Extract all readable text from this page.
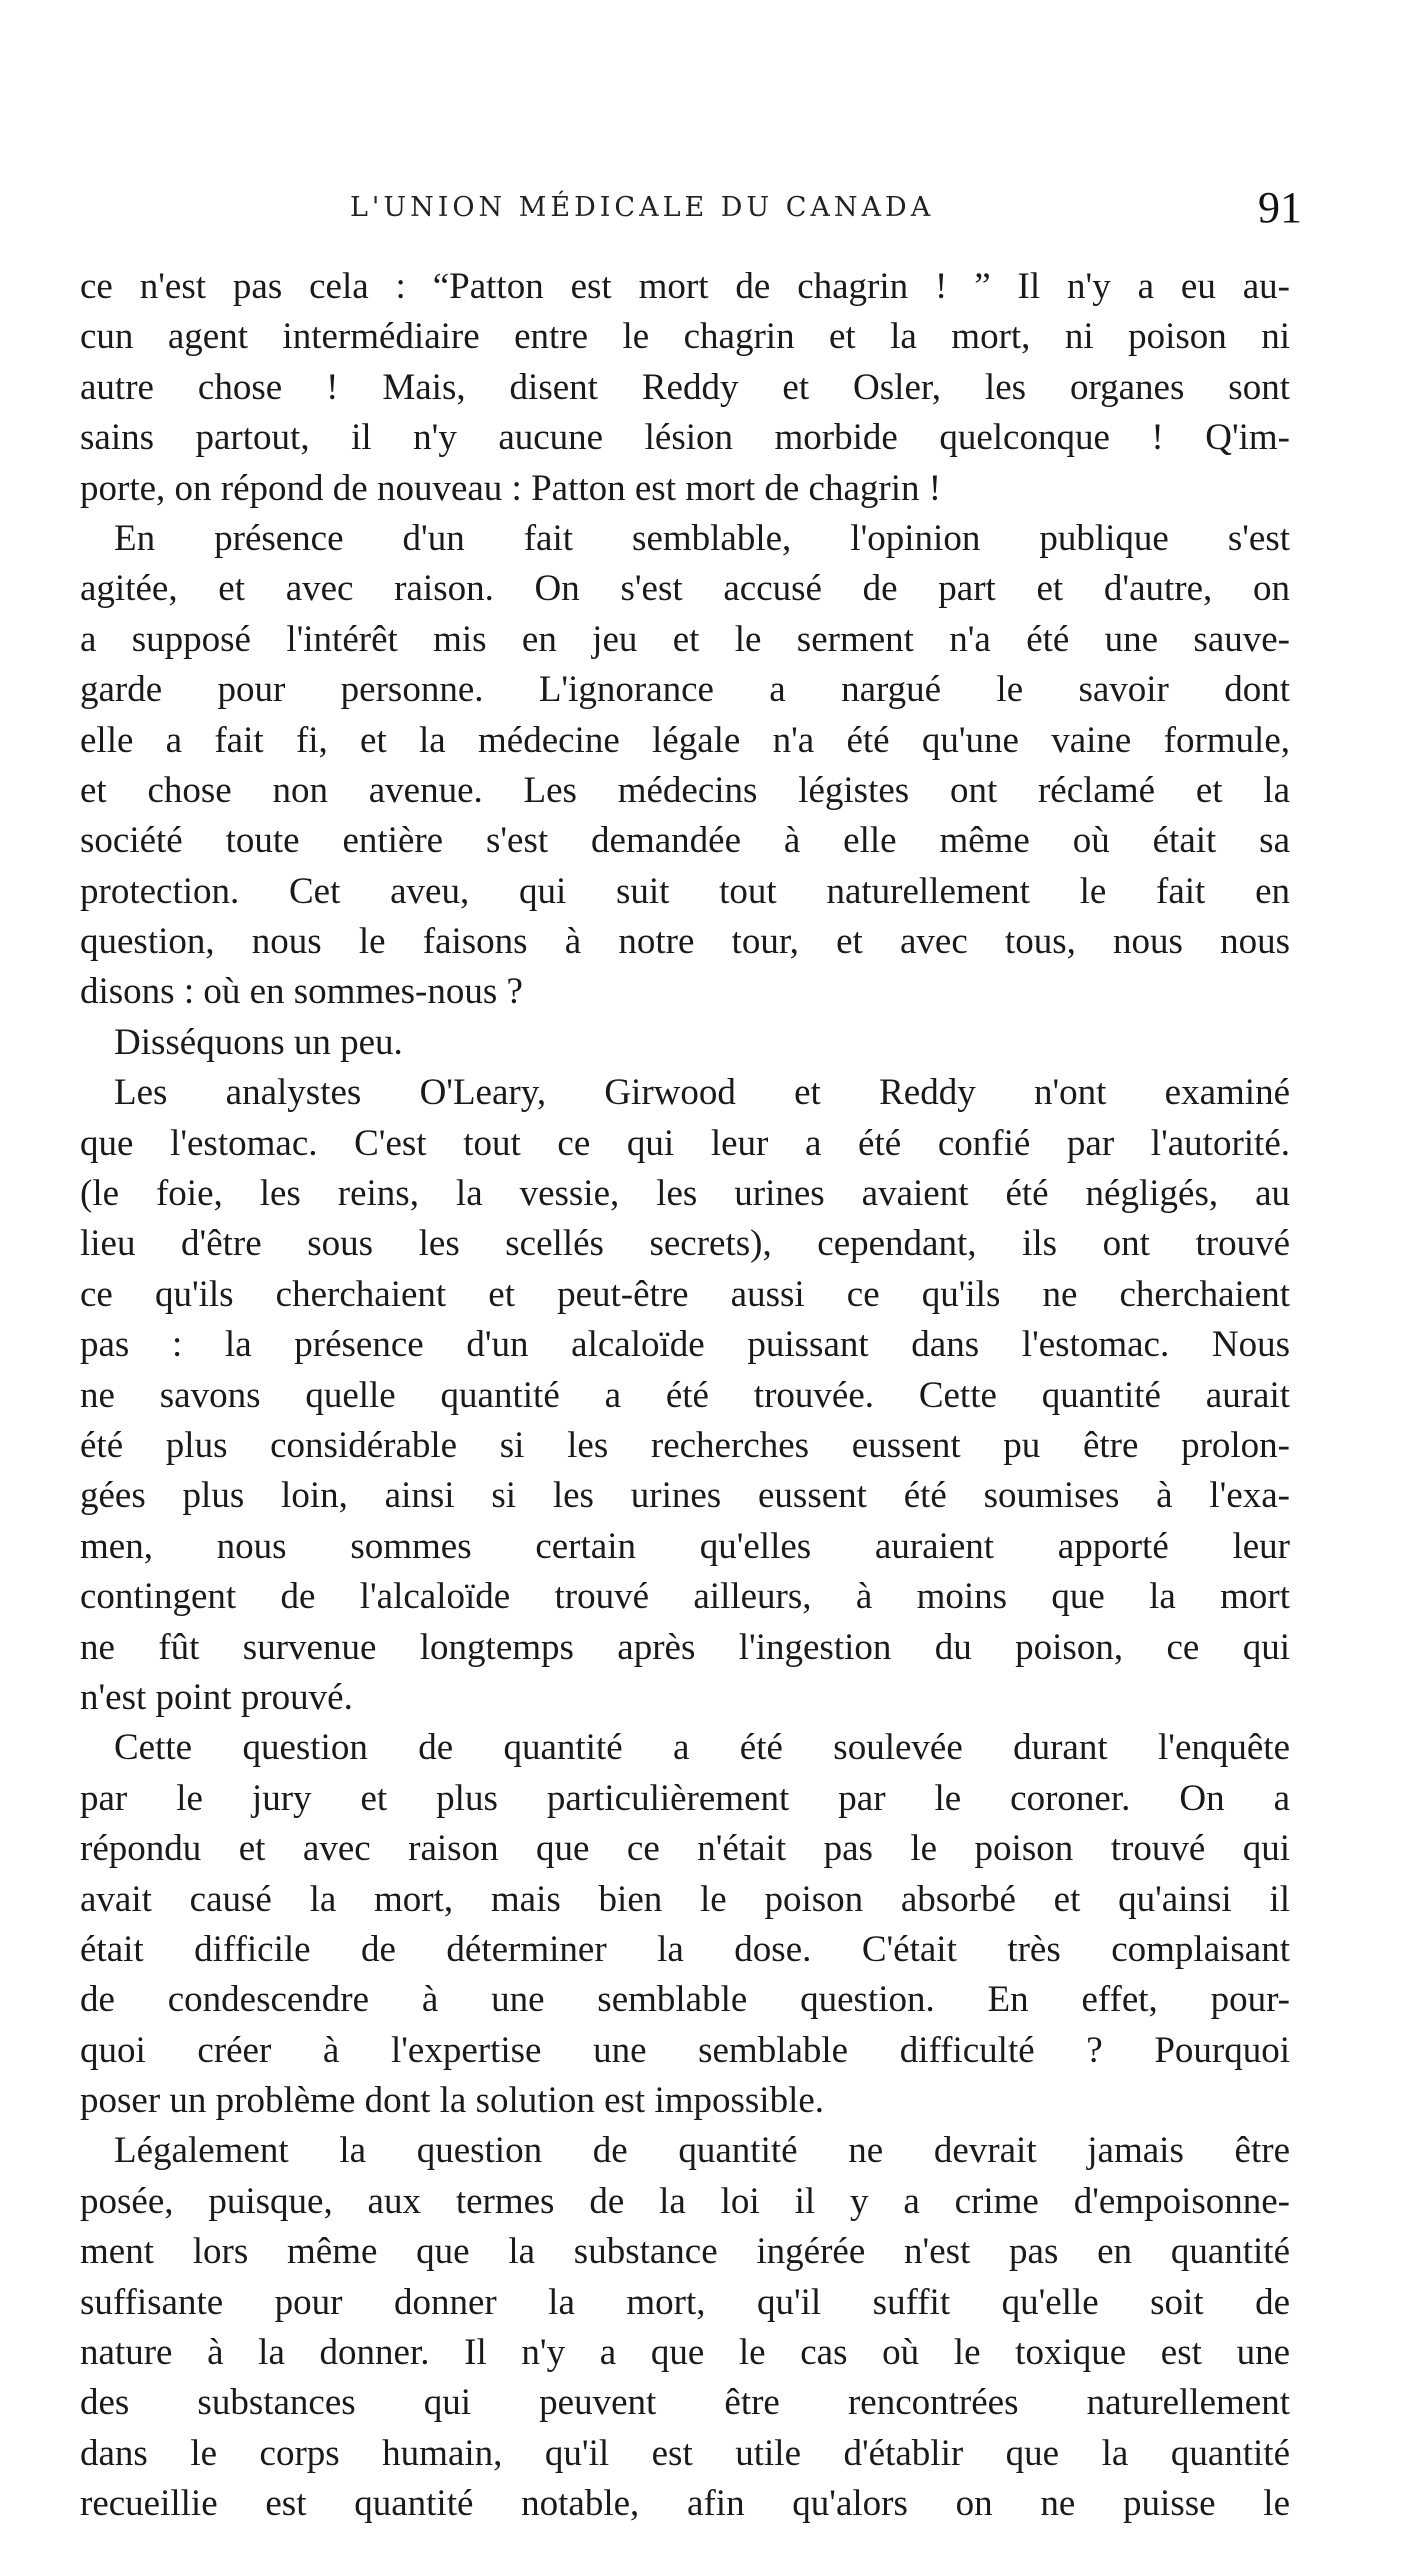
L'UNION MÉDICALE DU CANADA	91
ce n'est pas cela : “Patton est mort de chagrin ! ” Il n'y a eu au-
cun agent intermédiaire entre le chagrin et la mort, ni poison ni
autre chose ! Mais, disent Reddy et Osler, les organes sont
sains partout, il n'y aucune lésion morbide quelconque ! Q'im-
porte, on répond de nouveau : Patton est mort de chagrin !
En présence d'un fait semblable, l'opinion publique s'est
agitée, et avec raison. On s'est accusé de part et d'autre, on
a supposé l'intérêt mis en jeu et le serment n'a été une sauve-
garde pour personne. L'ignorance a nargué le savoir dont
elle a fait fi, et la médecine légale n'a été qu'une vaine formule,
et chose non avenue. Les médecins légistes ont réclamé et la
société toute entière s'est demandée à elle même où était sa
protection. Cet aveu, qui suit tout naturellement le fait en
question, nous le faisons à notre tour, et avec tous, nous nous
disons : où en sommes-nous ?
Disséquons un peu.
Les analystes O'Leary, Girwood et Reddy n'ont examiné
que l'estomac. C'est tout ce qui leur a été confié par l'autorité.
(le foie, les reins, la vessie, les urines avaient été négligés, au
lieu d'être sous les scellés secrets), cependant, ils ont trouvé
ce qu'ils cherchaient et peut-être aussi ce qu'ils ne cherchaient
pas : la présence d'un alcaloïde puissant dans l'estomac. Nous
ne savons quelle quantité a été trouvée. Cette quantité aurait
été plus considérable si les recherches eussent pu être prolon-
gées plus loin, ainsi si les urines eussent été soumises à l'exa-
men, nous sommes certain qu'elles auraient apporté leur
contingent de l'alcaloïde trouvé ailleurs, à moins que la mort
ne fût survenue longtemps après l'ingestion du poison, ce qui
n'est point prouvé.
Cette question de quantité a été soulevée durant l'enquête
par le jury et plus particulièrement par le coroner. On a
répondu et avec raison que ce n'était pas le poison trouvé qui
avait causé la mort, mais bien le poison absorbé et qu'ainsi il
était difficile de déterminer la dose. C'était très complaisant
de condescendre à une semblable question. En effet, pour-
quoi créer à l'expertise une semblable difficulté ? Pourquoi
poser un problème dont la solution est impossible.
Légalement la question de quantité ne devrait jamais être
posée, puisque, aux termes de la loi il y a crime d'empoisonne-
ment lors même que la substance ingérée n'est pas en quantité
suffisante pour donner la mort, qu'il suffit qu'elle soit de
nature à la donner. Il n'y a que le cas où le toxique est une
des substances qui peuvent être rencontrées naturellement
dans le corps humain, qu'il est utile d'établir que la quantité
recueillie est quantité notable, afin qu'alors on ne puisse le
